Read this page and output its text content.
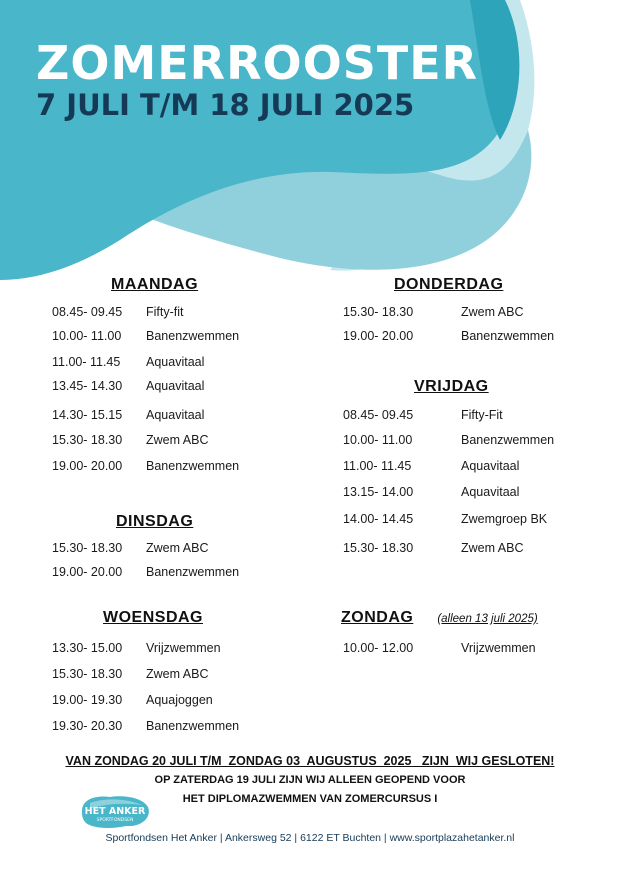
ZOMERROOSTER
7 JULI T/M 18 JULI 2025
MAANDAG
08.45- 09.45 Fifty-fit
10.00- 11.00 Banenzwemmen
11.00- 11.45 Aquavitaal
13.45- 14.30 Aquavitaal
14.30- 15.15 Aquavitaal
15.30- 18.30 Zwem ABC
19.00- 20.00 Banenzwemmen
DINSDAG
15.30- 18.30 Zwem ABC
19.00- 20.00 Banenzwemmen
WOENSDAG
13.30- 15.00 Vrijzwemmen
15.30- 18.30 Zwem ABC
19.00- 19.30 Aquajoggen
19.30- 20.30 Banenzwemmen
DONDERDAG
15.30- 18.30	Zwem ABC
19.00- 20.00	Banenzwemmen
VRIJDAG
08.45- 09.45	Fifty-Fit
10.00- 11.00	Banenzwemmen
11.00- 11.45	Aquavitaal
13.15- 14.00	Aquavitaal
14.00- 14.45	Zwemgroep BK
15.30- 18.30	Zwem ABC
ZONDAG (alleen 13 juli 2025)
10.00- 12.00	Vrijzwemmen
VAN ZONDAG 20 JULI T/M  ZONDAG 03  AUGUSTUS  2025   ZIJN  WIJ GESLOTEN!
OP ZATERDAG 19 JULI ZIJN WIJ ALLEEN GEOPEND VOOR
HET DIPLOMAZWEMMEN VAN ZOMERCURSUS I
HET ANKER
SPORTFONDSEN
Sportfondsen Het Anker | Ankersweg 52 | 6122 ET Buchten | www.sportplazahetanker.nl
